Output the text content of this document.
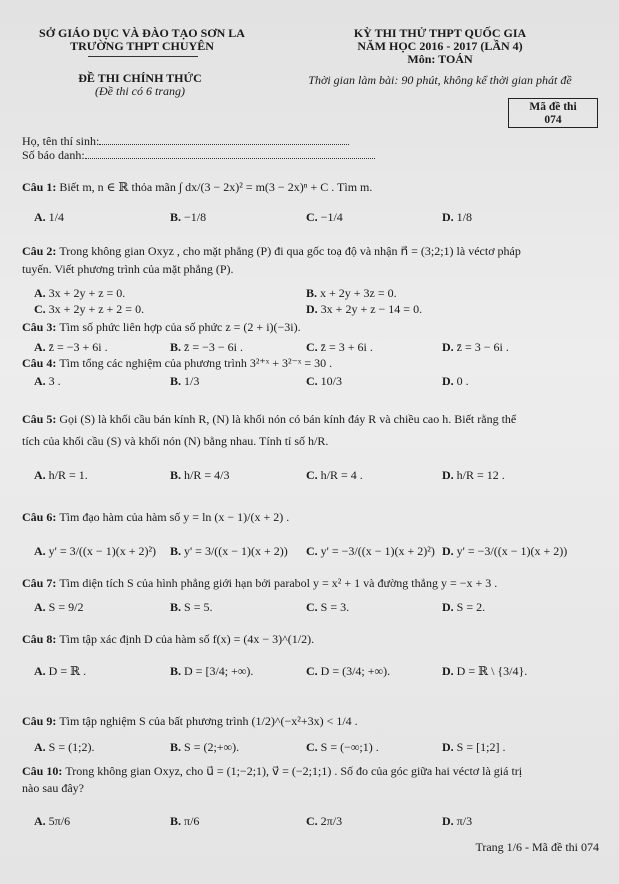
SỞ GIÁO DỤC VÀ ĐÀO TẠO SƠN LA
TRƯỜNG THPT CHUYÊN
KỲ THI THỬ THPT QUỐC GIA
NĂM HỌC 2016 - 2017 (LẦN 4)
Môn: TOÁN
ĐỀ THI CHÍNH THỨC
(Đề thi có 6 trang)
Thời gian làm bài: 90 phút, không kể thời gian phát đề
Mã đề thi
074
Họ, tên thí sinh:
Số báo danh:
Câu 1: Biết m, n ∈ ℝ thỏa mãn ∫ dx/(3 − 2x)² = m(3 − 2x)ⁿ + C . Tìm m.
A. 1/4	B. −1/8	C. −1/4	D. 1/8
Câu 2: Trong không gian Oxyz , cho mặt phẳng (P) đi qua gốc toạ độ và nhận n⃗ = (3;2;1) là véctơ pháp
tuyến. Viết phương trình của mặt phẳng (P).
A. 3x + 2y + z = 0.	B. x + 2y + 3z = 0.
C. 3x + 2y + z + 2 = 0.	D. 3x + 2y + z − 14 = 0.
Câu 3: Tìm số phức liên hợp của số phức z = (2 + i)(−3i).
A. z̄ = −3 + 6i .	B. z̄ = −3 − 6i .	C. z̄ = 3 + 6i .	D. z̄ = 3 − 6i .
Câu 4: Tìm tổng các nghiệm của phương trình 3²⁺ˣ + 3²⁻ˣ = 30 .
A. 3 .	B. 1/3	C. 10/3	D. 0 .
Câu 5: Gọi (S) là khối cầu bán kính R, (N) là khối nón có bán kính đáy R và chiều cao h. Biết rằng thể
tích của khối cầu (S) và khối nón (N) bằng nhau. Tính tỉ số h/R.
A. h/R = 1.	B. h/R = 4/3	C. h/R = 4 .	D. h/R = 12 .
Câu 6: Tìm đạo hàm của hàm số y = ln (x − 1)/(x + 2) .
A. y' = 3/((x − 1)(x + 2)²) B. y' = 3/((x − 1)(x + 2)) C. y' = −3/((x − 1)(x + 2)²) D. y' = −3/((x − 1)(x + 2))
Câu 7: Tìm diện tích S của hình phẳng giới hạn bởi parabol y = x² + 1 và đường thẳng y = −x + 3 .
A. S = 9/2	B. S = 5.	C. S = 3.	D. S = 2.
Câu 8: Tìm tập xác định D của hàm số f(x) = (4x − 3)^(1/2).
A. D = ℝ .	B. D = [3/4; +∞).	C. D = (3/4; +∞).	D. D = ℝ \ {3/4}.
Câu 9: Tìm tập nghiệm S của bất phương trình (1/2)^(−x²+3x) < 1/4 .
A. S = (1;2).	B. S = (2;+∞).	C. S = (−∞;1) .	D. S = [1;2] .
Câu 10: Trong không gian Oxyz, cho u⃗ = (1;−2;1), v⃗ = (−2;1;1) . Số đo của góc giữa hai véctơ là giá trị
nào sau đây?
A. 5π/6	B. π/6	C. 2π/3	D. π/3
Trang 1/6 - Mã đề thi 074
